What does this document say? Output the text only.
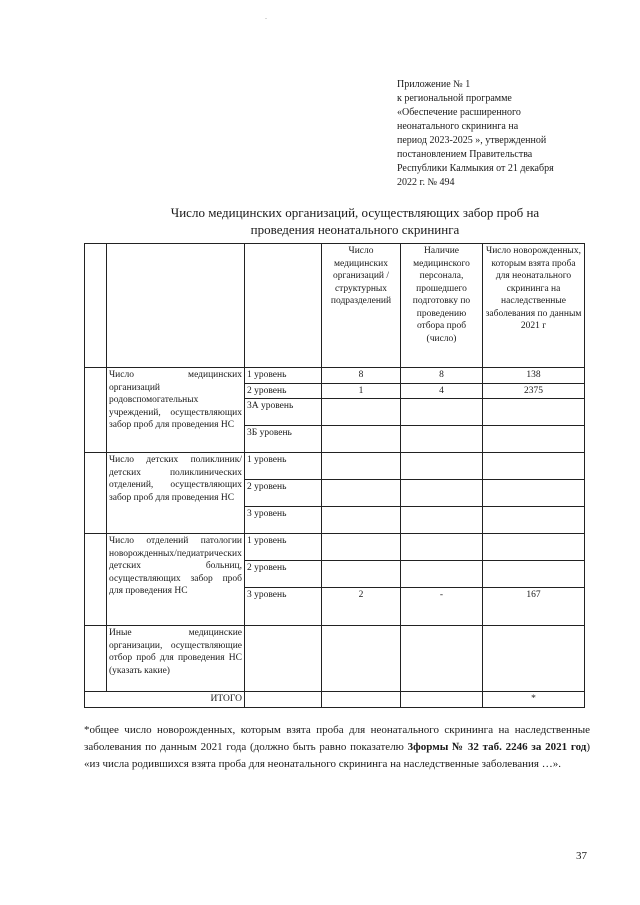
.
Приложение № 1
к региональной программе
«Обеспечение расширенного
неонатального скрининга на
период 2023-2025 », утвержденной
постановлением Правительства
Республики Калмыкия от 21 декабря
2022 г. № 494
Число медицинских организаций, осуществляющих забор проб на
проведения неонатального скрининга
			Число медицинских организаций /структурных подразделений	Наличие медицинского персонала, прошедшего подготовку по проведению отбора проб (число)	Число новорожденных, которым взята проба для неонатального скрининга на наследственные заболевания по данным 2021 г
	Число медицинских организаций родовспомогательных учреждений, осуществляющих забор проб для проведения НС	1 уровень	8	8	138
		2 уровень	1	4	2375
		3А уровень			
		3Б уровень			
	Число детских поликлиник/детских поликлинических отделений, осуществляющих забор проб для проведения НС	1 уровень			
		2 уровень			
		3 уровень			
	Число отделений патологии новорожденных/педиатрических детских больниц, осуществляющих забор проб для проведения НС	1 уровень			
		2 уровень			
		3 уровень	2	-	167
	Иные медицинские организации, осуществляющие отбор проб для проведения НС (указать какие)				
ИТОГО					*
*общее число новорожденных, которым взята проба для неонатального скрининга на наследственные заболевания по данным 2021 года (должно быть равно показателю 3формы № 32 таб. 2246 за 2021 год) «из числа родившихся взята проба для неонатального скрининга на наследственные заболевания …».
37
